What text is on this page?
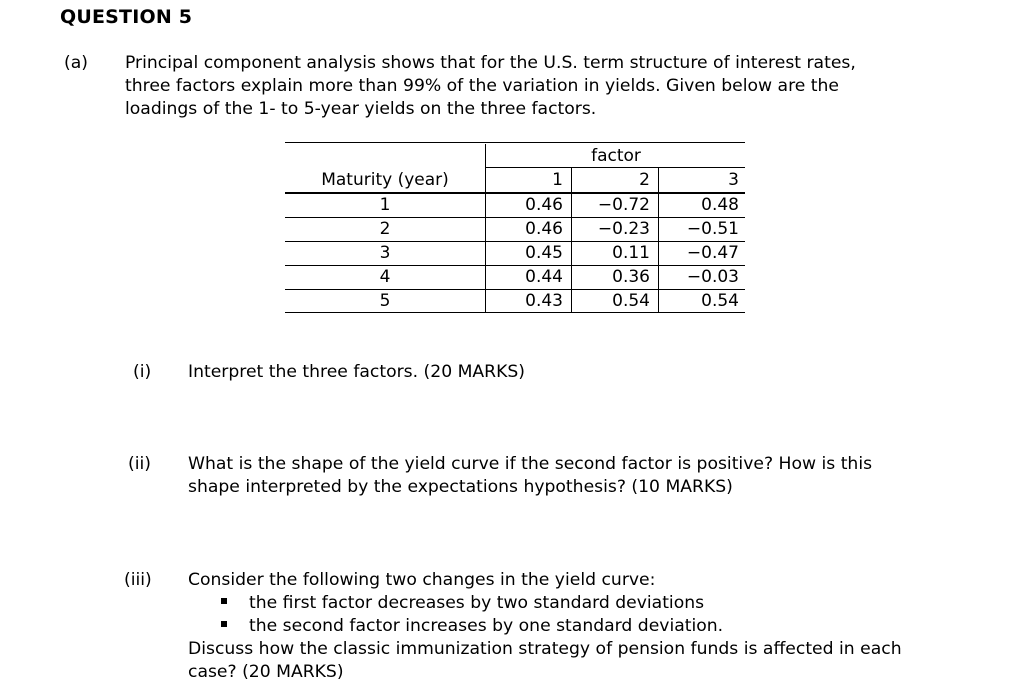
QUESTION 5
(a) Principal component analysis shows that for the U.S. term structure of interest rates,
three factors explain more than 99% of the variation in yields. Given below are the
loadings of the 1- to 5-year yields on the three factors.
factor
Maturity (year)	1	2	3
1	0.46	−0.72	0.48
2	0.46	−0.23	−0.51
3	0.45	0.11	−0.47
4	0.44	0.36	−0.03
5	0.43	0.54	0.54
(i) Interpret the three factors. (20 MARKS)
(ii) What is the shape of the yield curve if the second factor is positive? How is this
shape interpreted by the expectations hypothesis? (10 MARKS)
(iii) Consider the following two changes in the yield curve:
the first factor decreases by two standard deviations
the second factor increases by one standard deviation.
Discuss how the classic immunization strategy of pension funds is affected in each
case? (20 MARKS)
